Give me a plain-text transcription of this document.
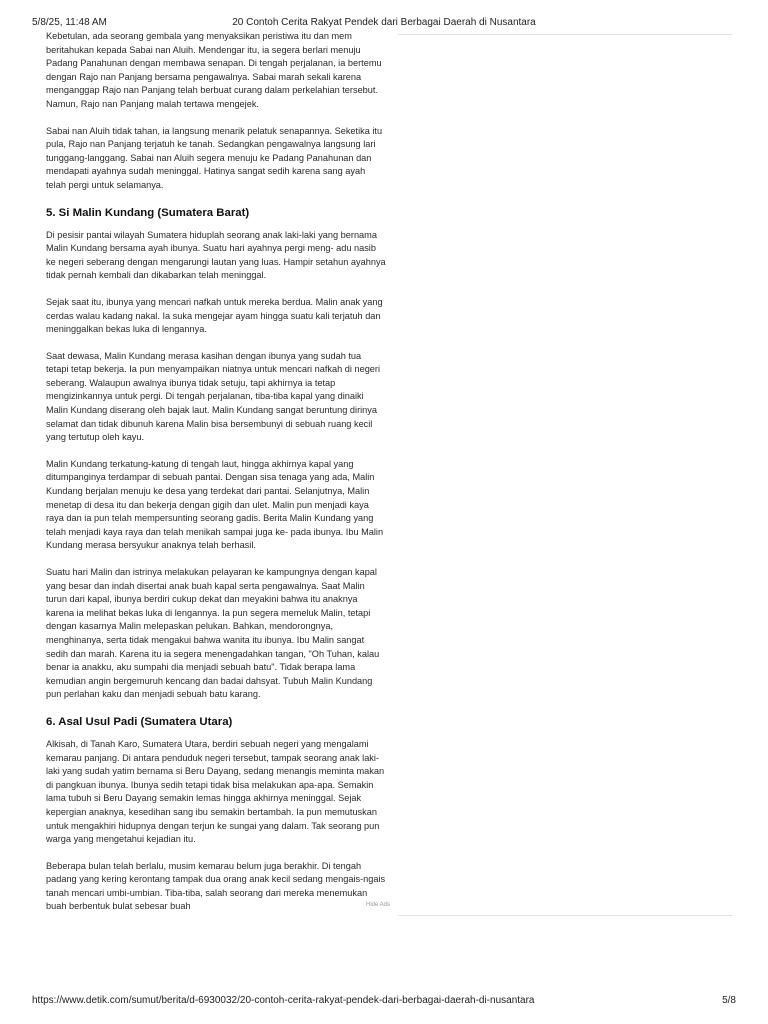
5/8/25, 11:48 AM	20 Contoh Cerita Rakyat Pendek dari Berbagai Daerah di Nusantara

Kebetulan, ada seorang gembala yang menyaksikan peristiwa itu dan mem beritahukan kepada Sabai nan Aluih. Mendengar itu, ia segera berlari menuju Padang Panahunan dengan membawa senapan. Di tengah perjalanan, ia bertemu dengan Rajo nan Panjang bersama pengawalnya. Sabai marah sekali karena menganggap Rajo nan Panjang telah berbuat curang dalam perkelahian tersebut. Namun, Rajo nan Panjang malah tertawa mengejek.

Sabai nan Aluih tidak tahan, ia langsung menarik pelatuk senapannya. Seketika itu pula, Rajo nan Panjang terjatuh ke tanah. Sedangkan pengawalnya langsung lari tunggang-langgang. Sabai nan Aluih segera menuju ke Padang Panahunan dan mendapati ayahnya sudah meninggal. Hatinya sangat sedih karena sang ayah telah pergi untuk selamanya.

5. Si Malin Kundang (Sumatera Barat)

Di pesisir pantai wilayah Sumatera hiduplah seorang anak laki-laki yang bernama Malin Kundang bersama ayah ibunya. Suatu hari ayahnya pergi meng- adu nasib ke negeri seberang dengan mengarungi lautan yang luas. Hampir setahun ayahnya tidak pernah kembali dan dikabarkan telah meninggal.

Sejak saat itu, ibunya yang mencari nafkah untuk mereka berdua. Malin anak yang cerdas walau kadang nakal. Ia suka mengejar ayam hingga suatu kali terjatuh dan meninggalkan bekas luka di lengannya.

Saat dewasa, Malin Kundang merasa kasihan dengan ibunya yang sudah tua tetapi tetap bekerja. Ia pun menyampaikan niatnya untuk mencari nafkah di negeri seberang. Walaupun awalnya ibunya tidak setuju, tapi akhirnya ia tetap mengizinkannya untuk pergi. Di tengah perjalanan, tiba-tiba kapal yang dinaiki Malin Kundang diserang oleh bajak laut. Malin Kundang sangat beruntung dirinya selamat dan tidak dibunuh karena Malin bisa bersembunyi di sebuah ruang kecil yang tertutup oleh kayu.

Malin Kundang terkatung-katung di tengah laut, hingga akhirnya kapal yang ditumpanginya terdampar di sebuah pantai. Dengan sisa tenaga yang ada, Malin Kundang berjalan menuju ke desa yang terdekat dari pantai. Selanjutnya, Malin menetap di desa itu dan bekerja dengan gigih dan ulet. Malin pun menjadi kaya raya dan ia pun telah mempersunting seorang gadis. Berita Malin Kundang yang telah menjadi kaya raya dan telah menikah sampai juga ke- pada ibunya. Ibu Malin Kundang merasa bersyukur anaknya telah berhasil.

Suatu hari Malin dan istrinya melakukan pelayaran ke kampungnya dengan kapal yang besar dan indah disertai anak buah kapal serta pengawalnya. Saat Malin turun dari kapal, ibunya berdiri cukup dekat dan meyakini bahwa itu anaknya karena ia melihat bekas luka di lengannya. Ia pun segera memeluk Malin, tetapi dengan kasarnya Malin melepaskan pelukan. Bahkan, mendorongnya, menghinanya, serta tidak mengakui bahwa wanita itu ibunya. Ibu Malin sangat sedih dan marah. Karena itu ia segera menengadahkan tangan, "Oh Tuhan, kalau benar ia anakku, aku sumpahi dia menjadi sebuah batu". Tidak berapa lama kemudian angin bergemuruh kencang dan badai dahsyat. Tubuh Malin Kundang pun perlahan kaku dan menjadi sebuah batu karang.

6. Asal Usul Padi (Sumatera Utara)

Alkisah, di Tanah Karo, Sumatera Utara, berdiri sebuah negeri yang mengalami kemarau panjang. Di antara penduduk negeri tersebut, tampak seorang anak laki-laki yang sudah yatim bernama si Beru Dayang, sedang menangis meminta makan di pangkuan ibunya. Ibunya sedih tetapi tidak bisa melakukan apa-apa. Semakin lama tubuh si Beru Dayang semakin lemas hingga akhirnya meninggal. Sejak kepergian anaknya, kesedihan sang ibu semakin bertambah. Ia pun memutuskan untuk mengakhiri hidupnya dengan terjun ke sungai yang dalam. Tak seorang pun warga yang mengetahui kejadian itu.

Beberapa bulan telah berlalu, musim kemarau belum juga berakhir. Di tengah padang yang kering kerontang tampak dua orang anak kecil sedang mengais-ngais tanah mencari umbi-umbian. Tiba-tiba, salah seorang dari mereka menemukan buah berbentuk bulat sebesar buah	Hide Ads
https://www.detik.com/sumut/berita/d-6930032/20-contoh-cerita-rakyat-pendek-dari-berbagai-daerah-di-nusantara	5/8
